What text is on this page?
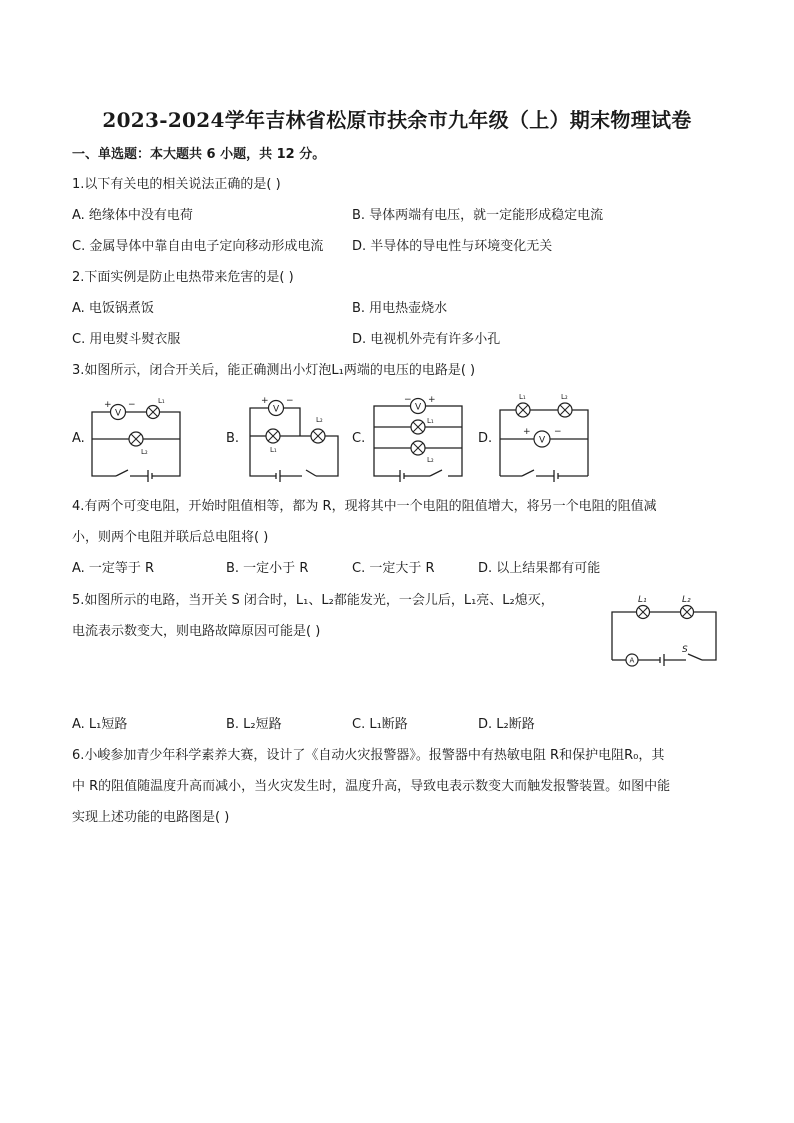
2023-2024学年吉林省松原市扶余市九年级（上）期末物理试卷
一、单选题：本大题共 6 小题，共 12 分。
1.以下有关电的相关说法正确的是( )
A. 绝缘体中没有电荷	B. 导体两端有电压，就一定能形成稳定电流
C. 金属导体中靠自由电子定向移动形成电流 D. 半导体的导电性与环境变化无关
2.下面实例是防止电热带来危害的是( )
A. 电饭锅煮饭	B. 用电热壶烧水
C. 用电熨斗熨衣服	D. 电视机外壳有许多小孔
3.如图所示，闭合开关后，能正确测出小灯泡L₁两端的电压的电路是( )
A.
V
+ −	L₁
L₂
B.
V
+ −
L₁
L₂
C.
V
− +
L₁
L₂
D.
L₁	L₂
V
+	−
4.有两个可变电阻，开始时阻值相等，都为 R，现将其中一个电阻的阻值增大，将另一个电阻的阻值减
小，则两个电阻并联后总电阻将( )
A. 一定等于 R	B. 一定小于 R	C. 一定大于 R	D. 以上结果都有可能
5.如图所示的电路，当开关 S 闭合时，L₁、L₂都能发光，一会儿后，L₁亮、L₂熄灭，
电流表示数变大，则电路故障原因可能是( )
L₁	L₂
S
A
A. L₁短路	B. L₂短路	C. L₁断路	D. L₂断路
6.小峻参加青少年科学素养大赛，设计了《自动火灾报警器》。报警器中有热敏电阻 R和保护电阻R₀，其
中 R的阻值随温度升高而减小，当火灾发生时，温度升高，导致电表示数变大而触发报警装置。如图中能
实现上述功能的电路图是( )
